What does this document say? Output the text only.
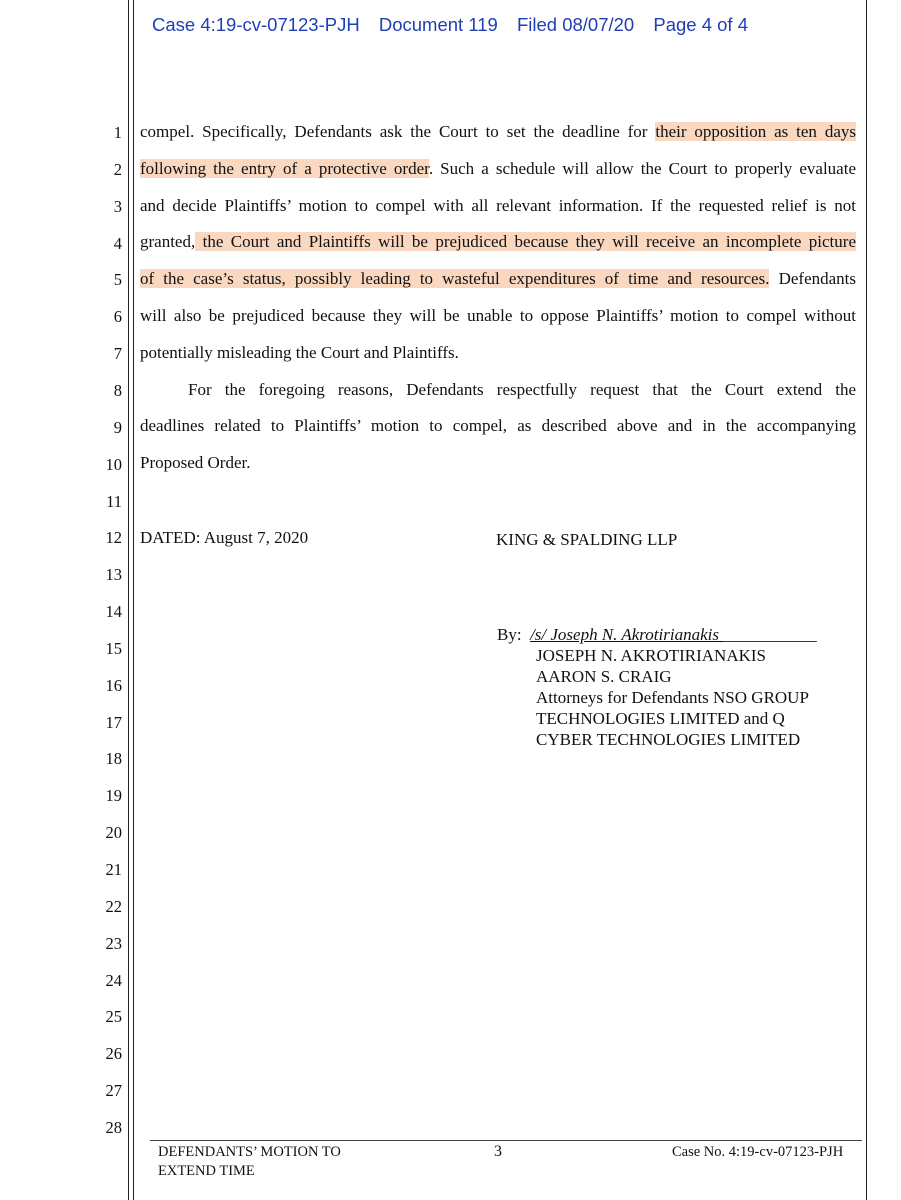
Case 4:19-cv-07123-PJH Document 119 Filed 08/07/20 Page 4 of 4
1
2
3
4
5
6
7
8
9
10
11
12
13
14
15
16
17
18
19
20
21
22
23
24
25
26
27
28
compel. Specifically, Defendants ask the Court to set the deadline for their opposition as ten days
following the entry of a protective order. Such a schedule will allow the Court to properly evaluate
and decide Plaintiffs’ motion to compel with all relevant information. If the requested relief is not
granted, the Court and Plaintiffs will be prejudiced because they will receive an incomplete picture
of the case’s status, possibly leading to wasteful expenditures of time and resources. Defendants
will also be prejudiced because they will be unable to oppose Plaintiffs’ motion to compel without
potentially misleading the Court and Plaintiffs.
For the foregoing reasons, Defendants respectfully request that the Court extend the
deadlines related to Plaintiffs’ motion to compel, as described above and in the accompanying
Proposed Order.
DATED: August 7, 2020	KING & SPALDING LLP
By: /s/ Joseph N. Akrotirianakis ___________
JOSEPH N. AKROTIRIANAKIS
AARON S. CRAIG
Attorneys for Defendants NSO GROUP
TECHNOLOGIES LIMITED and Q
CYBER TECHNOLOGIES LIMITED
DEFENDANTS’ MOTION TO
EXTEND TIME
3	Case No. 4:19-cv-07123-PJH
